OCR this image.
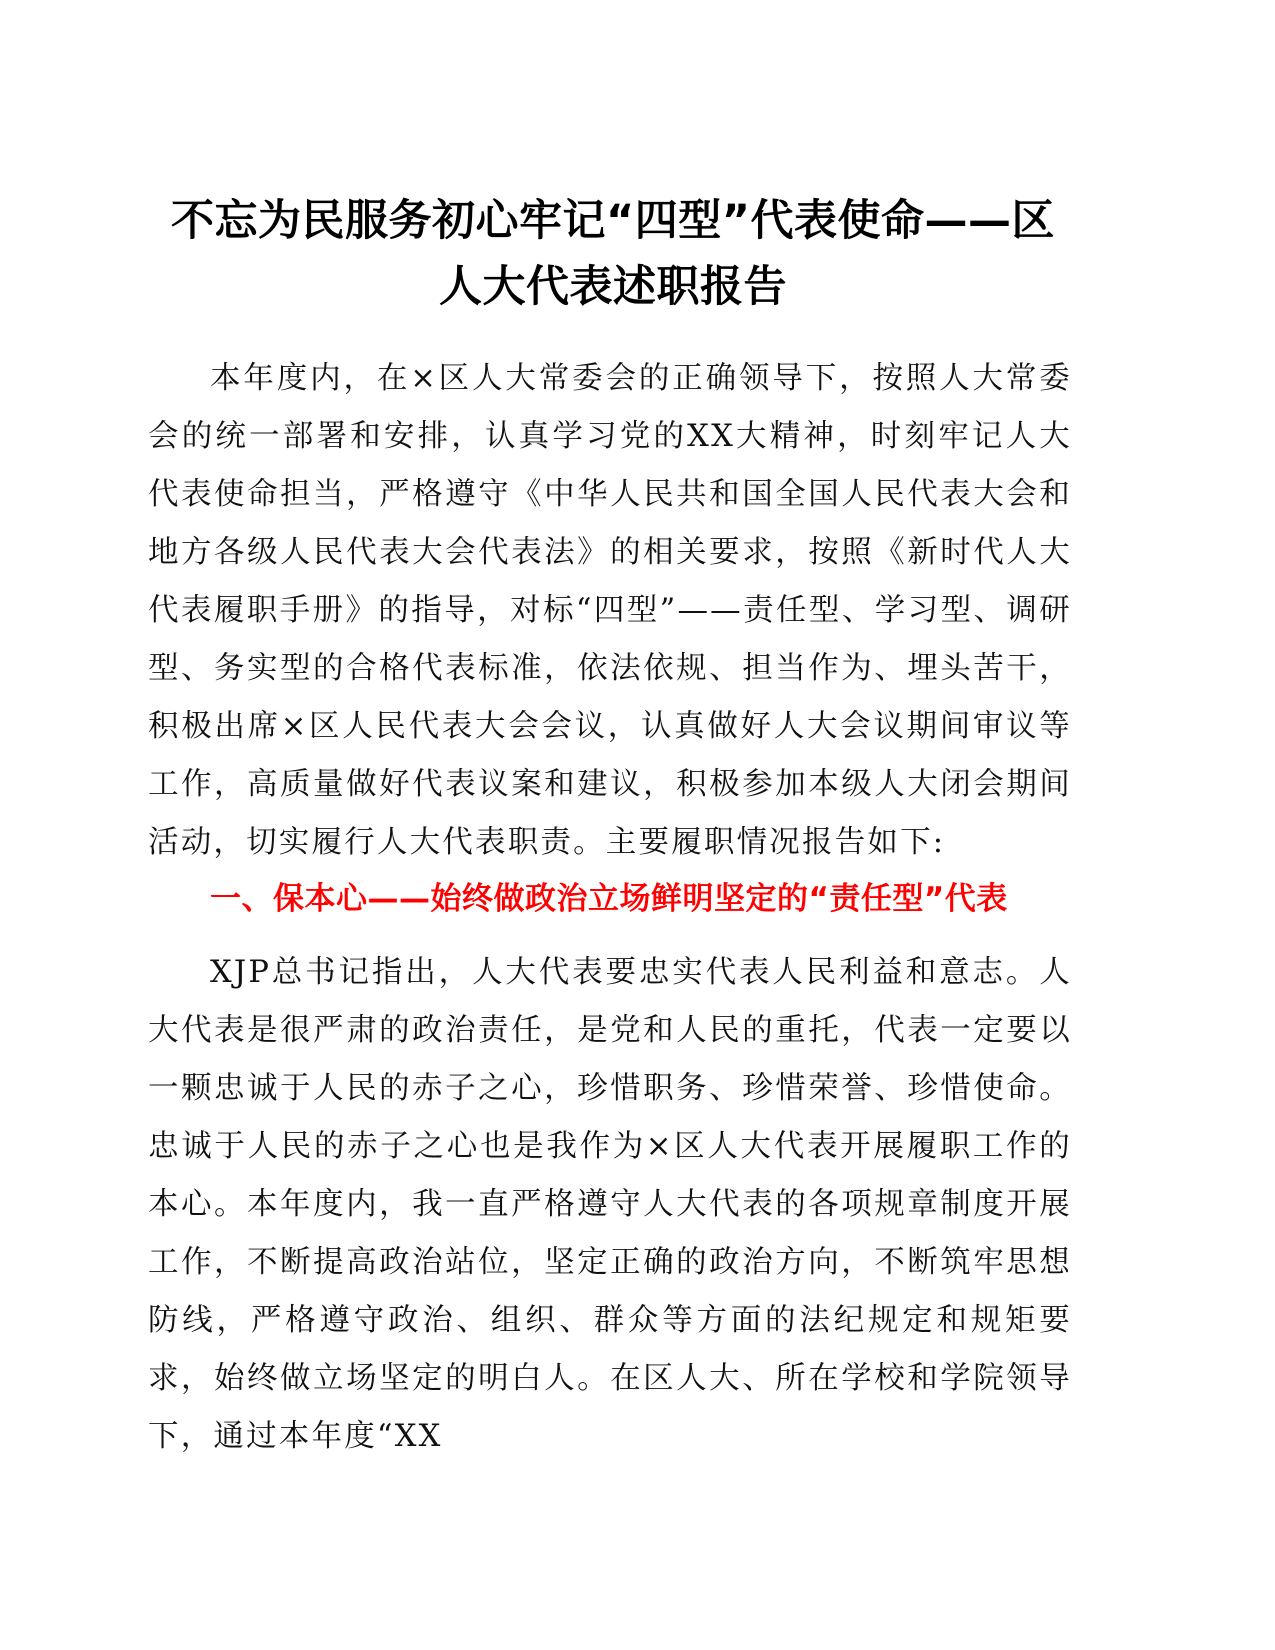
不忘为民服务初心牢记“四型”代表使命——区
人大代表述职报告

本年度内，在×区人大常委会的正确领导下，按照人大常委会的统一部署和安排，认真学习党的XX大精神，时刻牢记人大代表使命担当，严格遵守《中华人民共和国全国人民代表大会和地方各级人民代表大会代表法》的相关要求，按照《新时代人大代表履职手册》的指导，对标“四型”——责任型、学习型、调研型、务实型的合格代表标准，依法依规、担当作为、埋头苦干，积极出席×区人民代表大会会议，认真做好人大会议期间审议等工作，高质量做好代表议案和建议，积极参加本级人大闭会期间活动，切实履行人大代表职责。主要履职情况报告如下:

一、保本心——始终做政治立场鲜明坚定的“责任型”代表

XJP总书记指出，人大代表要忠实代表人民利益和意志。人大代表是很严肃的政治责任，是党和人民的重托，代表一定要以一颗忠诚于人民的赤子之心，珍惜职务、珍惜荣誉、珍惜使命。忠诚于人民的赤子之心也是我作为×区人大代表开展履职工作的本心。本年度内，我一直严格遵守人大代表的各项规章制度开展工作，不断提高政治站位，坚定正确的政治方向，不断筑牢思想防线，严格遵守政治、组织、群众等方面的法纪规定和规矩要求，始终做立场坚定的明白人。在区人大、所在学校和学院领导下，通过本年度“XX
